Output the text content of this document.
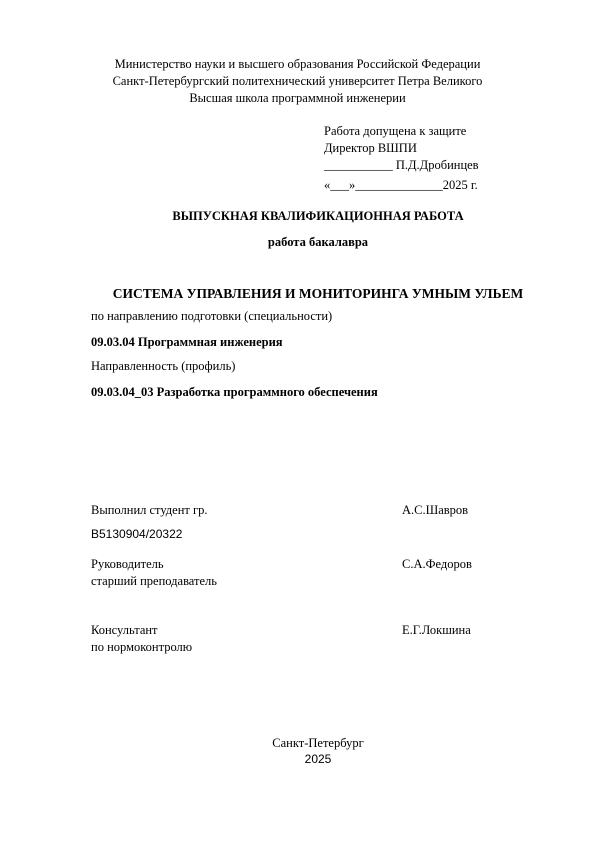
Министерство науки и высшего образования Российской Федерации
Санкт-Петербургский политехнический университет Петра Великого
Высшая школа программной инженерии
Работа допущена к защите
Директор ВШПИ
___________ П.Д.Дробинцев
«___»______________2025 г.
ВЫПУСКНАЯ КВАЛИФИКАЦИОННАЯ РАБОТА
работа бакалавра
СИСТЕМА УПРАВЛЕНИЯ И МОНИТОРИНГА УМНЫМ УЛЬЕМ
по направлению подготовки (специальности)
09.03.04 Программная инженерия
Направленность (профиль)
09.03.04_03 Разработка программного обеспечения
Выполнил студент гр.
В5130904/20322
А.С.Шавров
Руководитель
старший преподаватель
С.А.Федоров
Консультант
по нормоконтролю
Е.Г.Локшина
Санкт-Петербург
2025
